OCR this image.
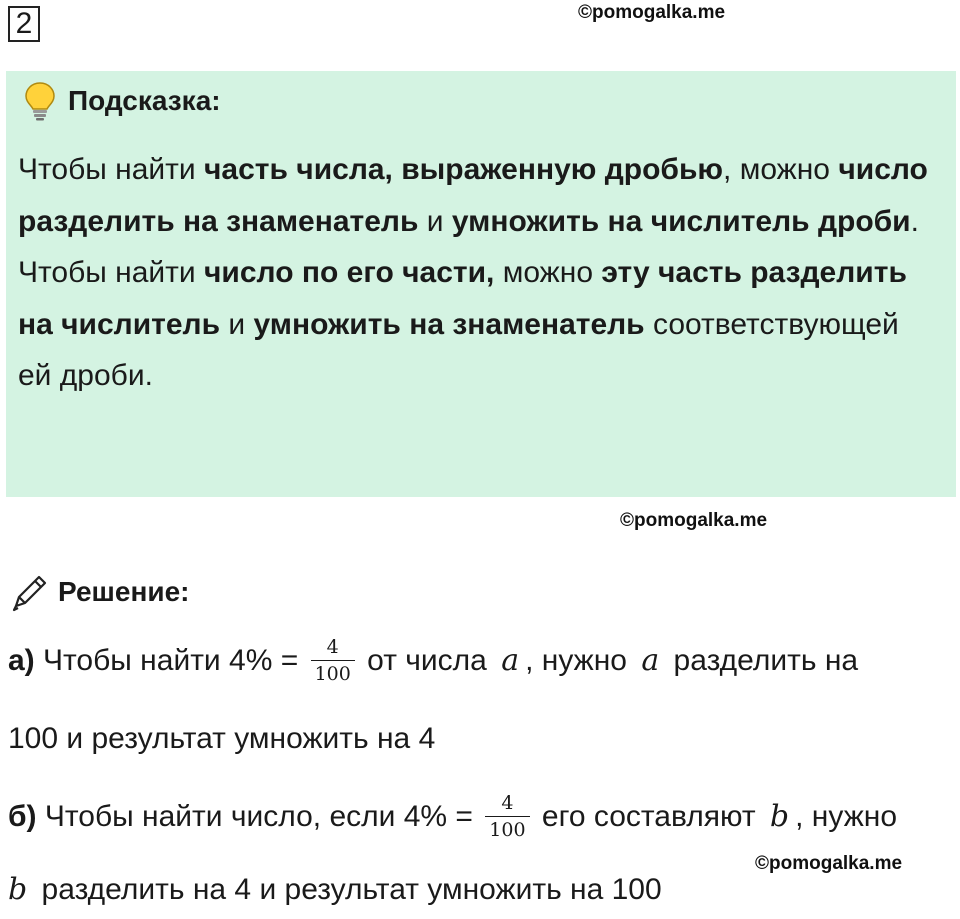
2	©pomogalka.me
Подсказка:

Чтобы найти часть числа, выраженную дробью, можно число разделить на знаменатель и умножить на числитель дроби.

Чтобы найти число по его части, можно эту часть разделить на числитель и умножить на знаменатель соответствующей ей дроби.

©pomogalka.me
Решение:
а) Чтобы найти $4\% = \frac{4}{100}$ от числа a , нужно a разделить на
100 и результат умножить на 4
б) Чтобы найти число, если $4\% = \frac{4}{100}$ его составляют b , нужно
©pomogalka.me
b разделить на 4 и результат умножить на 100
